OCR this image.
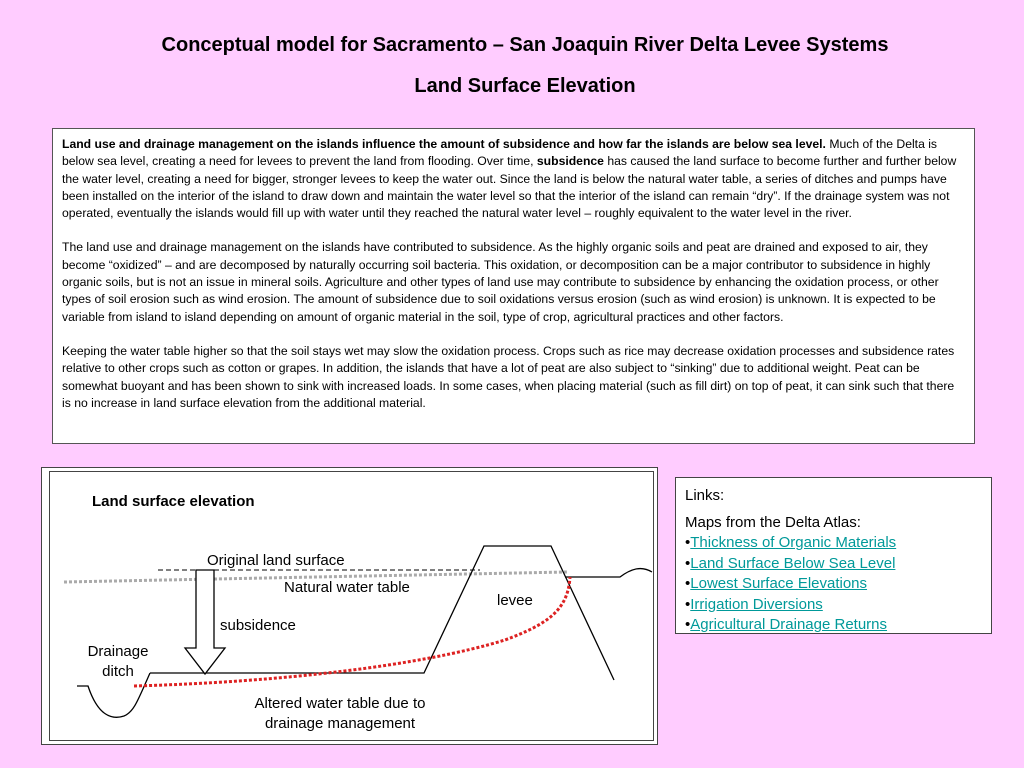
Conceptual model for Sacramento – San Joaquin River Delta Levee Systems
Land Surface Elevation

Land use and drainage management on the islands influence the amount of subsidence and how far the islands are below sea level. Much of the Delta is below sea level, creating a need for levees to prevent the land from flooding. Over time, subsidence has caused the land surface to become further and further below the water level, creating a need for bigger, stronger levees to keep the water out. Since the land is below the natural water table, a series of ditches and pumps have been installed on the interior of the island to draw down and maintain the water level so that the interior of the island can remain “dry”. If the drainage system was not operated, eventually the islands would fill up with water until they reached the natural water level – roughly equivalent to the water level in the river.

The land use and drainage management on the islands have contributed to subsidence. As the highly organic soils and peat are drained and exposed to air, they become “oxidized” – and are decomposed by naturally occurring soil bacteria. This oxidation, or decomposition can be a major contributor to subsidence in highly organic soils, but is not an issue in mineral soils. Agriculture and other types of land use may contribute to subsidence by enhancing the oxidation process, or other types of soil erosion such as wind erosion. The amount of subsidence due to soil oxidations versus erosion (such as wind erosion) is unknown. It is expected to be variable from island to island depending on amount of organic material in the soil, type of crop, agricultural practices and other factors.

Keeping the water table higher so that the soil stays wet may slow the oxidation process. Crops such as rice may decrease oxidation processes and subsidence rates relative to other crops such as cotton or grapes. In addition, the islands that have a lot of peat are also subject to “sinking” due to additional weight. Peat can be somewhat buoyant and has been shown to sink with increased loads. In some cases, when placing material (such as fill dirt) on top of peat, it can sink such that there is no increase in land surface elevation from the additional material.

Land surface elevation
Original land surface
Natural water table
levee
subsidence
Drainage ditch
Altered water table due to drainage management
Links:
Maps from the Delta Atlas:
•Thickness of Organic Materials
•Land Surface Below Sea Level
•Lowest Surface Elevations
•Irrigation Diversions
•Agricultural Drainage Returns
